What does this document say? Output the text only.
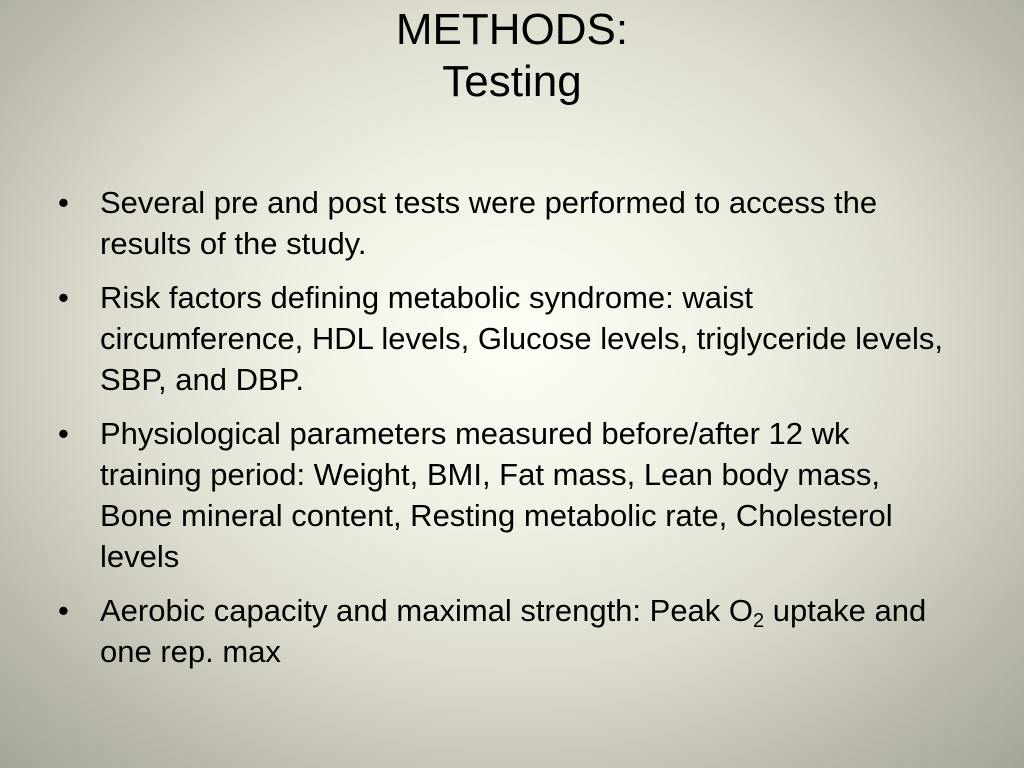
METHODS:
Testing
• Several pre and post tests were performed to access the results of the study.
• Risk factors defining metabolic syndrome: waist circumference, HDL levels, Glucose levels, triglyceride levels, SBP, and DBP.
• Physiological parameters measured before/after 12 wk training period: Weight, BMI, Fat mass, Lean body mass, Bone mineral content, Resting metabolic rate, Cholesterol levels
• Aerobic capacity and maximal strength: Peak $O_2$ uptake and one rep. max
